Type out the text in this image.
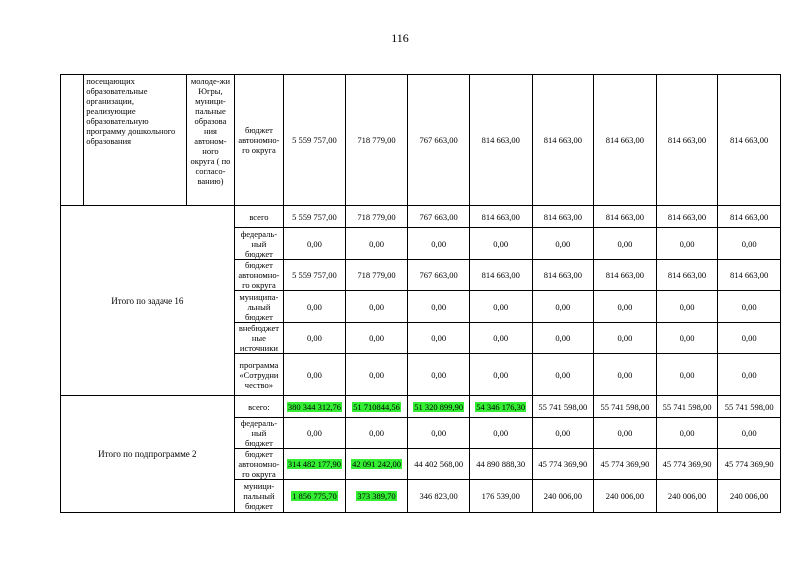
116
	посещающих образовательные организации, реализующие образовательную программу дошкольного образования	молоде-жи Югры, муници-пальные образова ния автоном-ного округа ( по согласо-ванию)	бюджет автономно-го округа	5 559 757,00	718 779,00	767 663,00	814 663,00	814 663,00	814 663,00	814 663,00	814 663,00
Итого по задаче 16			всего	5 559 757,00	718 779,00	767 663,00	814 663,00	814 663,00	814 663,00	814 663,00	814 663,00
			федераль-ный бюджет	0,00	0,00	0,00	0,00	0,00	0,00	0,00	0,00
			бюджет автономно-го округа	5 559 757,00	718 779,00	767 663,00	814 663,00	814 663,00	814 663,00	814 663,00	814 663,00
			муниципа-льный бюджет	0,00	0,00	0,00	0,00	0,00	0,00	0,00	0,00
			внебюджет ные источники	0,00	0,00	0,00	0,00	0,00	0,00	0,00	0,00
			программа «Сотрудни чество»	0,00	0,00	0,00	0,00	0,00	0,00	0,00	0,00
Итого по подпрограмме 2			всего:	380 344 312,76	51 710844,56	51 320 899,90	54 346 176,30	55 741 598,00	55 741 598,00	55 741 598,00	55 741 598,00
			федераль-ный бюджет	0,00	0,00	0,00	0,00	0,00	0,00	0,00	0,00
			бюджет автономно-го округа	314 482 177,90	42 091 242,00	44 402 568,00	44 890 888,30	45 774 369,90	45 774 369,90	45 774 369,90	45 774 369,90
			муници-пальный бюджет	1 856 775,70	373 389,70	346 823,00	176 539,00	240 006,00	240 006,00	240 006,00	240 006,00
